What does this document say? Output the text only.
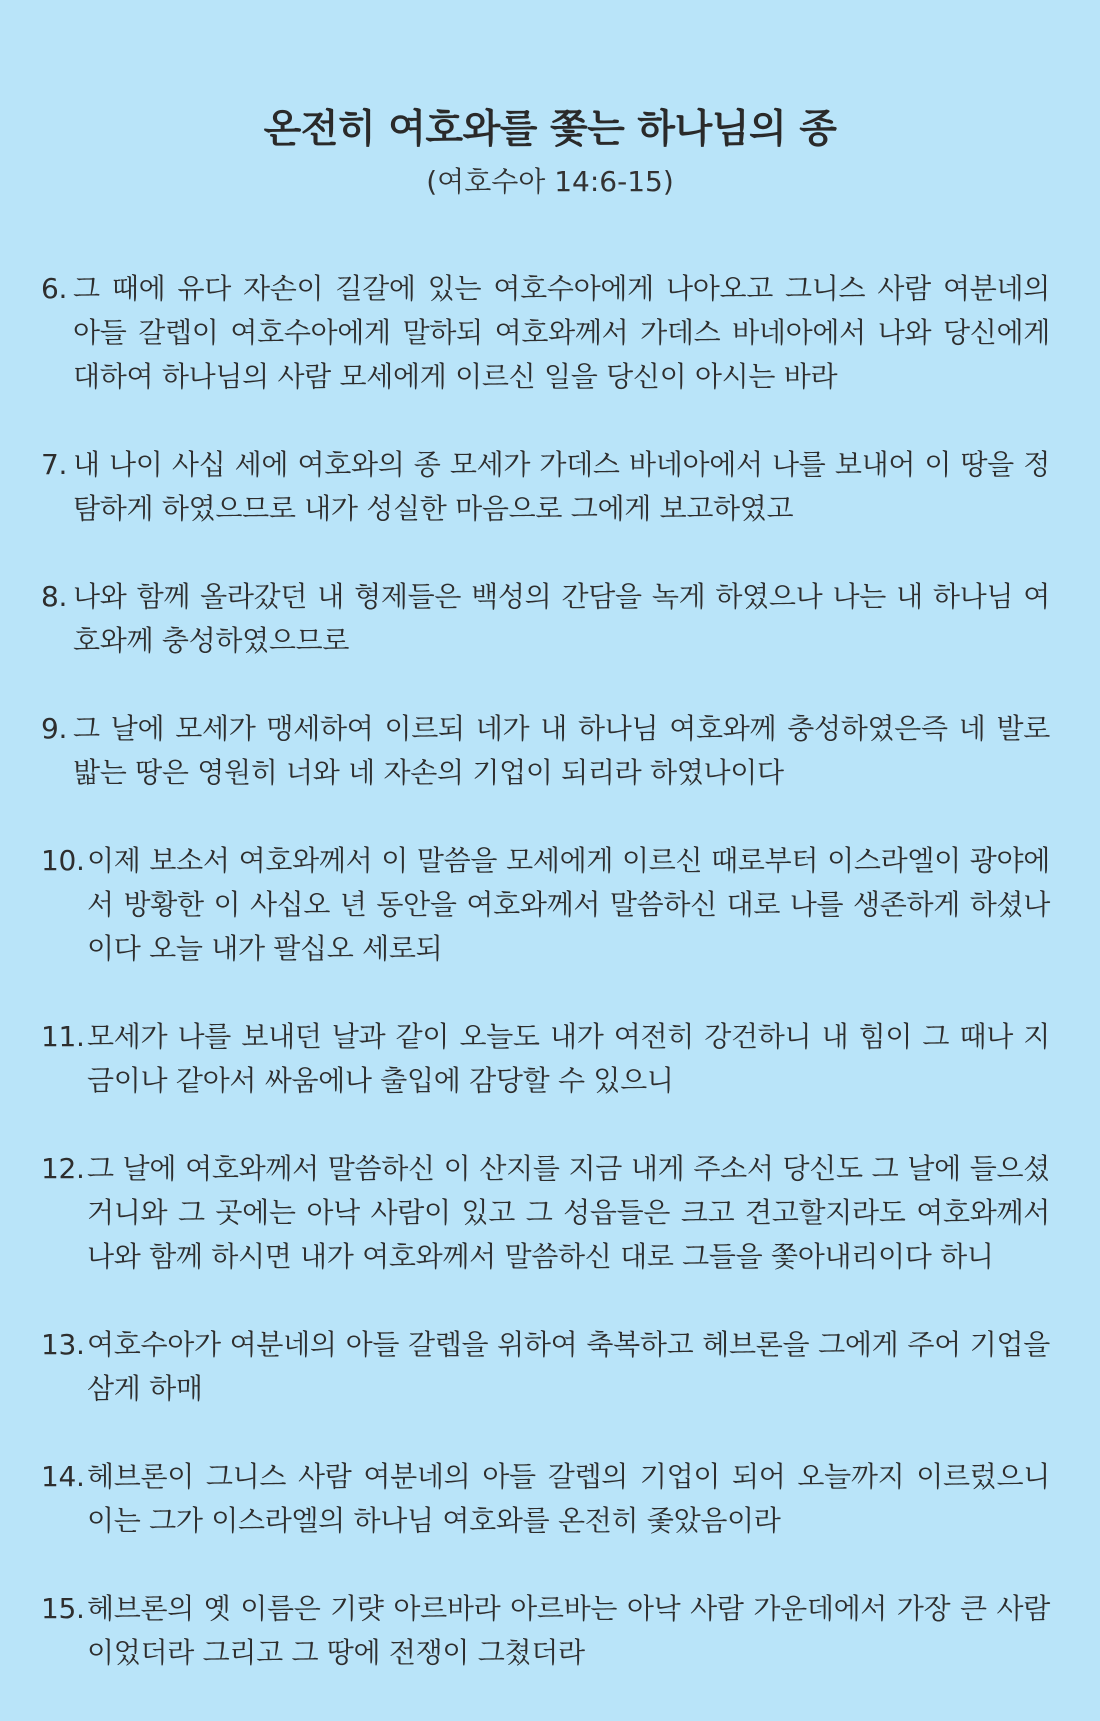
온전히 여호와를 쫓는 하나님의 종
(여호수아 14:6-15)
6. 그 때에 유다 자손이 길갈에 있는 여호수아에게 나아오고 그니스 사람 여분네의 아들 갈렙이 여호수아에게 말하되 여호와께서 가데스 바네아에서 나와 당신에게 대하여 하나님의 사람 모세에게 이르신 일을 당신이 아시는 바라
7. 내 나이 사십 세에 여호와의 종 모세가 가데스 바네아에서 나를 보내어 이 땅을 정탐하게 하였으므로 내가 성실한 마음으로 그에게 보고하였고
8. 나와 함께 올라갔던 내 형제들은 백성의 간담을 녹게 하였으나 나는 내 하나님 여호와께 충성하였으므로
9. 그 날에 모세가 맹세하여 이르되 네가 내 하나님 여호와께 충성하였은즉 네 발로 밟는 땅은 영원히 너와 네 자손의 기업이 되리라 하였나이다
10. 이제 보소서 여호와께서 이 말씀을 모세에게 이르신 때로부터 이스라엘이 광야에서 방황한 이 사십오 년 동안을 여호와께서 말씀하신 대로 나를 생존하게 하셨나이다 오늘 내가 팔십오 세로되
11. 모세가 나를 보내던 날과 같이 오늘도 내가 여전히 강건하니 내 힘이 그 때나 지금이나 같아서 싸움에나 출입에 감당할 수 있으니
12. 그 날에 여호와께서 말씀하신 이 산지를 지금 내게 주소서 당신도 그 날에 들으셨거니와 그 곳에는 아낙 사람이 있고 그 성읍들은 크고 견고할지라도 여호와께서 나와 함께 하시면 내가 여호와께서 말씀하신 대로 그들을 쫓아내리이다 하니
13. 여호수아가 여분네의 아들 갈렙을 위하여 축복하고 헤브론을 그에게 주어 기업을 삼게 하매
14. 헤브론이 그니스 사람 여분네의 아들 갈렙의 기업이 되어 오늘까지 이르렀으니 이는 그가 이스라엘의 하나님 여호와를 온전히 좇았음이라
15. 헤브론의 옛 이름은 기럇 아르바라 아르바는 아낙 사람 가운데에서 가장 큰 사람이었더라 그리고 그 땅에 전쟁이 그쳤더라
